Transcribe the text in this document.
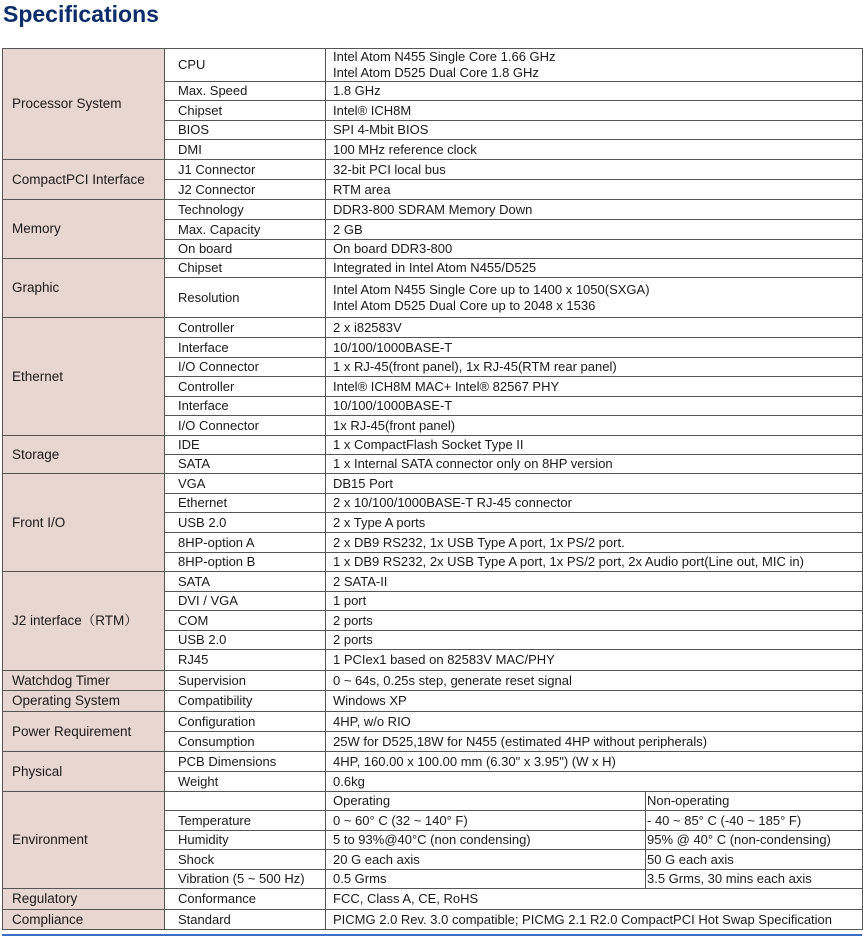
Specifications
Processor System	CPU	Intel Atom N455 Single Core 1.66 GHz
Intel Atom D525 Dual Core 1.8 GHz	

	Max. Speed	1.8 GHz	

	Chipset	Intel® ICH8M	

	BIOS	SPI 4-Mbit BIOS	

	DMI	100 MHz reference clock	

CompactPCI Interface	J1 Connector	32-bit PCI local bus	

	J2 Connector	RTM area	

Memory	Technology	DDR3-800 SDRAM Memory Down	

	Max. Capacity	2 GB	

	On board	On board DDR3-800	

Graphic	Chipset	Integrated in Intel Atom N455/D525	

	Resolution	Intel Atom N455 Single Core up to 1400 x 1050(SXGA)
Intel Atom D525 Dual Core up to 2048 x 1536	

Ethernet	Controller	2 x i82583V	

	Interface	10/100/1000BASE-T	

	I/O Connector	1 x RJ-45(front panel), 1x RJ-45(RTM rear panel)	

	Controller	Intel® ICH8M MAC+ Intel® 82567 PHY	

	Interface	10/100/1000BASE-T	

	I/O Connector	1x RJ-45(front panel)	

Storage	IDE	1 x CompactFlash Socket Type II	

	SATA	1 x Internal SATA connector only on 8HP version	

Front I/O	VGA	DB15 Port	

	Ethernet	2 x 10/100/1000BASE-T RJ-45 connector	

	USB 2.0	2 x Type A ports	

	8HP-option A	2 x DB9 RS232, 1x USB Type A port, 1x PS/2 port.	

	8HP-option B	1 x DB9 RS232, 2x USB Type A port, 1x PS/2 port, 2x Audio port(Line out, MIC in)	

J2 interface（RTM）	SATA	2 SATA-II	

	DVI / VGA	1 port	

	COM	2 ports	

	USB 2.0	2 ports	

	RJ45	1 PCIex1 based on 82583V MAC/PHY	

Watchdog Timer	Supervision	0 ~ 64s, 0.25s step, generate reset signal	

Operating System	Compatibility	Windows XP	

Power Requirement	Configuration	4HP, w/o RIO	

	Consumption	25W for D525,18W for N455 (estimated 4HP without peripherals)	

Physical	PCB Dimensions	4HP, 160.00 x 100.00 mm (6.30" x 3.95") (W x H)	

	Weight	0.6kg	

Environment		Operating	Non-operating
	Temperature	0 ~ 60° C (32 ~ 140° F)	- 40 ~ 85° C (-40 ~ 185° F)
	Humidity	5 to 93%@40°C (non condensing)	95% @ 40° C (non-condensing)
	Shock	20 G each axis	50 G each axis
	Vibration (5 ~ 500 Hz)	0.5 Grms	3.5 Grms, 30 mins each axis
Regulatory	Conformance	FCC, Class A, CE, RoHS	

Compliance	Standard	PICMG 2.0 Rev. 3.0 compatible; PICMG 2.1 R2.0 CompactPCI Hot Swap Specification	
